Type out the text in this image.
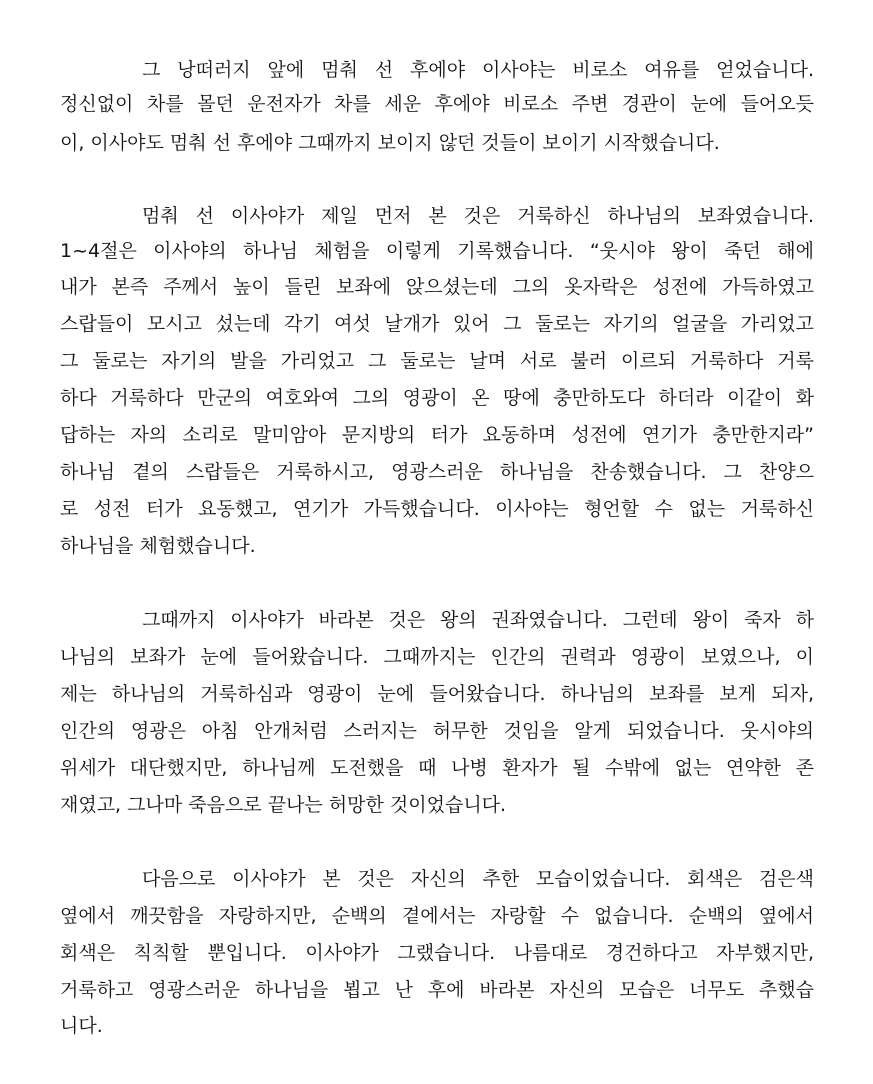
그 낭떠러지 앞에 멈춰 선 후에야 이사야는 비로소 여유를 얻었습니다.
정신없이 차를 몰던 운전자가 차를 세운 후에야 비로소 주변 경관이 눈에 들어오듯
이, 이사야도 멈춰 선 후에야 그때까지 보이지 않던 것들이 보이기 시작했습니다.
멈춰 선 이사야가 제일 먼저 본 것은 거룩하신 하나님의 보좌였습니다.
1~4절은 이사야의 하나님 체험을 이렇게 기록했습니다. “웃시야 왕이 죽던 해에
내가 본즉 주께서 높이 들린 보좌에 앉으셨는데 그의 옷자락은 성전에 가득하였고
스랍들이 모시고 섰는데 각기 여섯 날개가 있어 그 둘로는 자기의 얼굴을 가리었고
그 둘로는 자기의 발을 가리었고 그 둘로는 날며 서로 불러 이르되 거룩하다 거룩
하다 거룩하다 만군의 여호와여 그의 영광이 온 땅에 충만하도다 하더라 이같이 화
답하는 자의 소리로 말미암아 문지방의 터가 요동하며 성전에 연기가 충만한지라”
하나님 곁의 스랍들은 거룩하시고, 영광스러운 하나님을 찬송했습니다. 그 찬양으
로 성전 터가 요동했고, 연기가 가득했습니다. 이사야는 형언할 수 없는 거룩하신
하나님을 체험했습니다.
그때까지 이사야가 바라본 것은 왕의 권좌였습니다. 그런데 왕이 죽자 하
나님의 보좌가 눈에 들어왔습니다. 그때까지는 인간의 권력과 영광이 보였으나, 이
제는 하나님의 거룩하심과 영광이 눈에 들어왔습니다. 하나님의 보좌를 보게 되자,
인간의 영광은 아침 안개처럼 스러지는 허무한 것임을 알게 되었습니다. 웃시야의
위세가 대단했지만, 하나님께 도전했을 때 나병 환자가 될 수밖에 없는 연약한 존
재였고, 그나마 죽음으로 끝나는 허망한 것이었습니다.
다음으로 이사야가 본 것은 자신의 추한 모습이었습니다. 회색은 검은색
옆에서 깨끗함을 자랑하지만, 순백의 곁에서는 자랑할 수 없습니다. 순백의 옆에서
회색은 칙칙할 뿐입니다. 이사야가 그랬습니다. 나름대로 경건하다고 자부했지만,
거룩하고 영광스러운 하나님을 뵙고 난 후에 바라본 자신의 모습은 너무도 추했습
니다.
